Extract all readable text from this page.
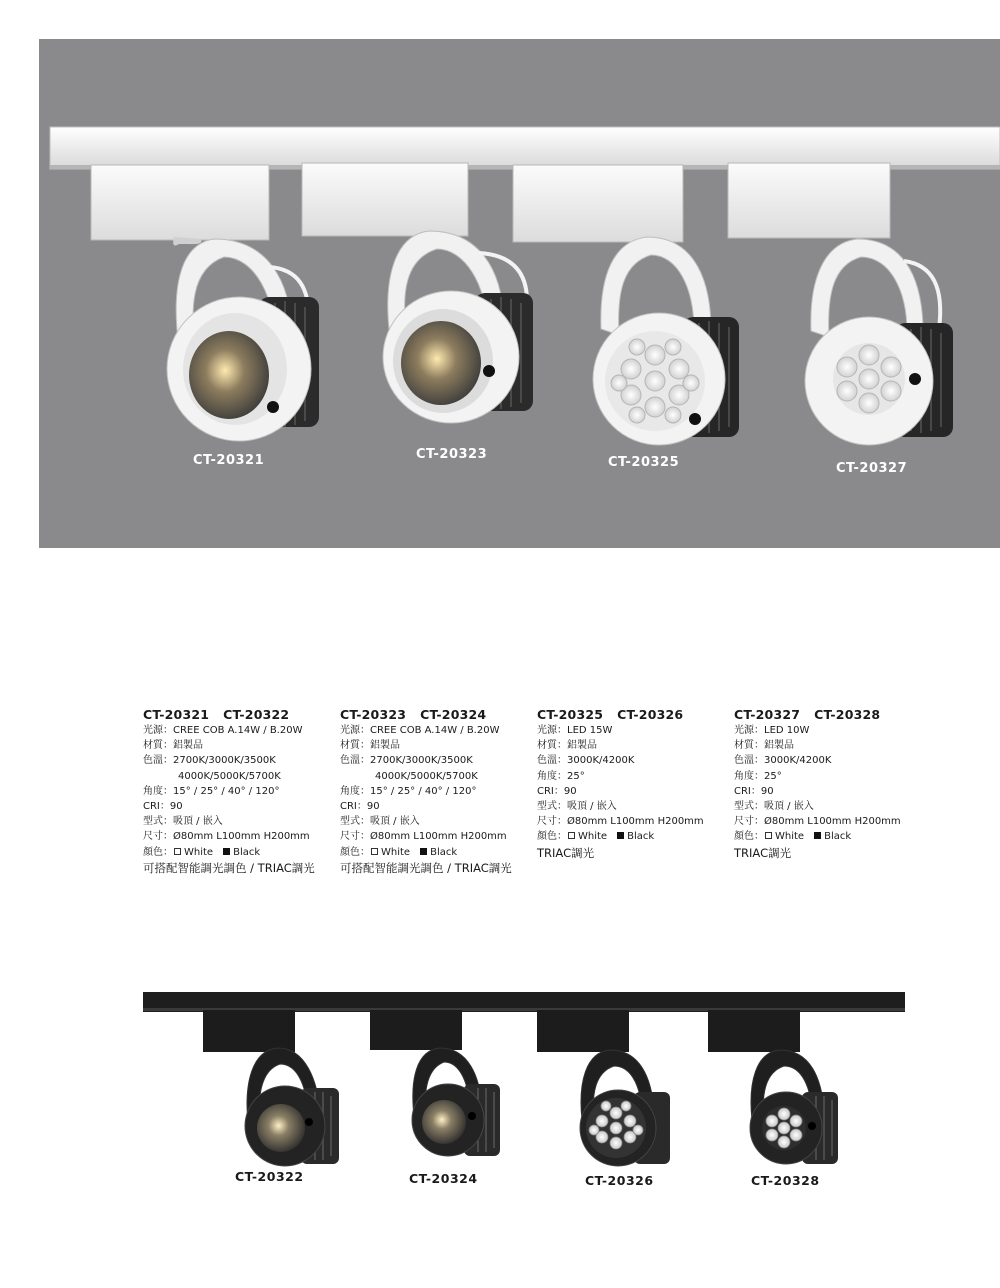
CT-20321	CT-20323
CT-20325	CT-20327
CT-20321 CT-20322
光源：CREE COB A.14W / B.20W
材質：鋁製品
色溫：2700K/3000K/3500K
4000K/5000K/5700K
角度：15° / 25° / 40° / 120°
CRI：90
型式：吸頂 / 嵌入
尺寸：Ø80mm L100mm H200mm
顏色： White Black
可搭配智能調光調色 / TRIAC調光
CT-20323 CT-20324
光源：CREE COB A.14W / B.20W
材質：鋁製品
色溫：2700K/3000K/3500K
4000K/5000K/5700K
角度：15° / 25° / 40° / 120°
CRI：90
型式：吸頂 / 嵌入
尺寸：Ø80mm L100mm H200mm
顏色： White Black
可搭配智能調光調色 / TRIAC調光
CT-20325 CT-20326
光源：LED 15W
材質：鋁製品
色溫：3000K/4200K
角度：25°
CRI：90
型式：吸頂 / 嵌入
尺寸：Ø80mm L100mm H200mm
顏色： White Black
TRIAC調光
CT-20327 CT-20328
光源：LED 10W
材質：鋁製品
色溫：3000K/4200K
角度：25°
CRI：90
型式：吸頂 / 嵌入
尺寸：Ø80mm L100mm H200mm
顏色： White Black
TRIAC調光
CT-20322	CT-20324	CT-20326	CT-20328
